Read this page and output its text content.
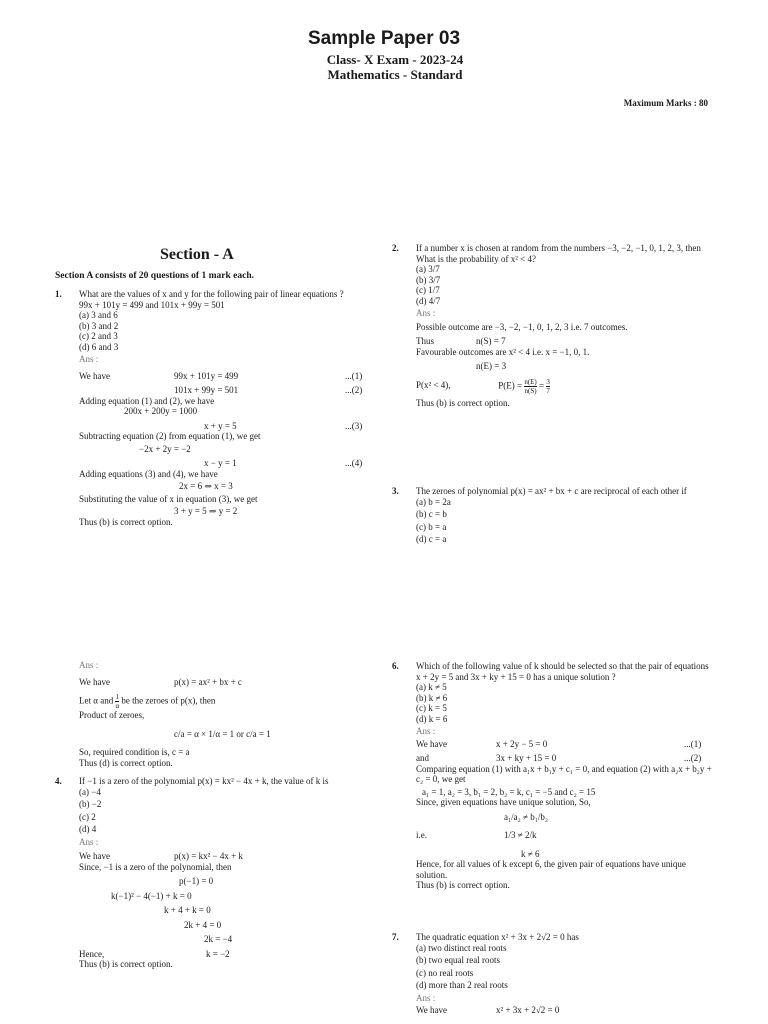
Sample Paper 03
Class- X Exam - 2023-24
Mathematics - Standard
Maximum Marks : 80
Section - A
Section A consists of 20 questions of 1 mark each.
1. What are the values of x and y for the following pair of linear equations ?
99x + 101y = 499 and 101x + 99y = 501
(a) 3 and 6
(b) 3 and 2
(c) 2 and 3
(d) 6 and 3
Ans :
We have	99x + 101y = 499	...(1)
101x + 99y = 501	...(2)
Adding equation (1) and (2), we have
200x + 200y = 1000
x + y = 5	...(3)
Subtracting equation (2) from equation (1), we get
−2x + 2y = −2
x − y = 1	...(4)
Adding equations (3) and (4), we have
2x = 6 ⇒ x = 3
Substituting the value of x in equation (3), we get
3 + y = 5 ⇒ y = 2
Thus (b) is correct option.
2. If a number x is chosen at random from the numbers −3, −2, −1, 0, 1, 2, 3, then What is the probability of x² < 4?
(a) 3/7
(b) 3/7
(c) 1/7
(d) 4/7
Ans :
Possible outcome are −3, −2, −1, 0, 1, 2, 3 i.e. 7 outcomes.
Thus	n(S) = 7
Favourable outcomes are x² < 4 i.e. x = −1, 0, 1.
n(E) = 3
P(x² < 4),	$P(E) = \frac{n(E)}{n(S)} = \frac{3}{7}$
Thus (b) is correct option.
3. The zeroes of polynomial p(x) = ax² + bx + c are reciprocal of each other if
(a) b = 2a
(b) c = b
(c) b = a
(d) c = a
Ans :
We have	p(x) = ax² + bx + c
Let α and $\frac{1}{\alpha}$ be the zeroes of p(x), then
Product of zeroes,
c/a = α × 1/α = 1 or c/a = 1
So, required condition is, c = a
Thus (d) is correct option.
4. If −1 is a zero of the polynomial p(x) = kx² − 4x + k, the value of k is
(a) −4
(b) −2
(c) 2
(d) 4
Ans :
We have	p(x) = kx² − 4x + k
Since, −1 is a zero of the polynomial, then
p(−1) = 0
k(−1)² − 4(−1) + k = 0
k + 4 + k = 0
2k + 4 = 0
2k = −4
Hence,	k = −2
Thus (b) is correct option.
6. Which of the following value of k should be selected so that the pair of equations x + 2y = 5 and 3x + ky + 15 = 0 has a unique solution ?
(a) k ≠ 5
(b) k ≠ 6
(c) k = 5
(d) k = 6
Ans :
We have	x + 2y − 5 = 0	...(1)
and	3x + ky + 15 = 0	...(2)
Comparing equation (1) with a₁x + b₁y + c₁ = 0, and equation (2) with a₂x + b₂y + c₂ = 0, we get
a₁ = 1, a₂ = 3, b₁ = 2, b₂ = k, c₁ = −5 and c₂ = 15
Since, given equations have unique solution, So,
a₁/a₂ ≠ b₁/b₂
i.e.	1/3 ≠ 2/k
k ≠ 6
Hence, for all values of k except 6, the given pair of equations have unique solution.
Thus (b) is correct option.
7. The quadratic equation x² + 3x + 2√2 = 0 has
(a) two distinct real roots
(b) two equal real roots
(c) no real roots
(d) more than 2 real roots
Ans :
We have	x² + 3x + 2√2 = 0
